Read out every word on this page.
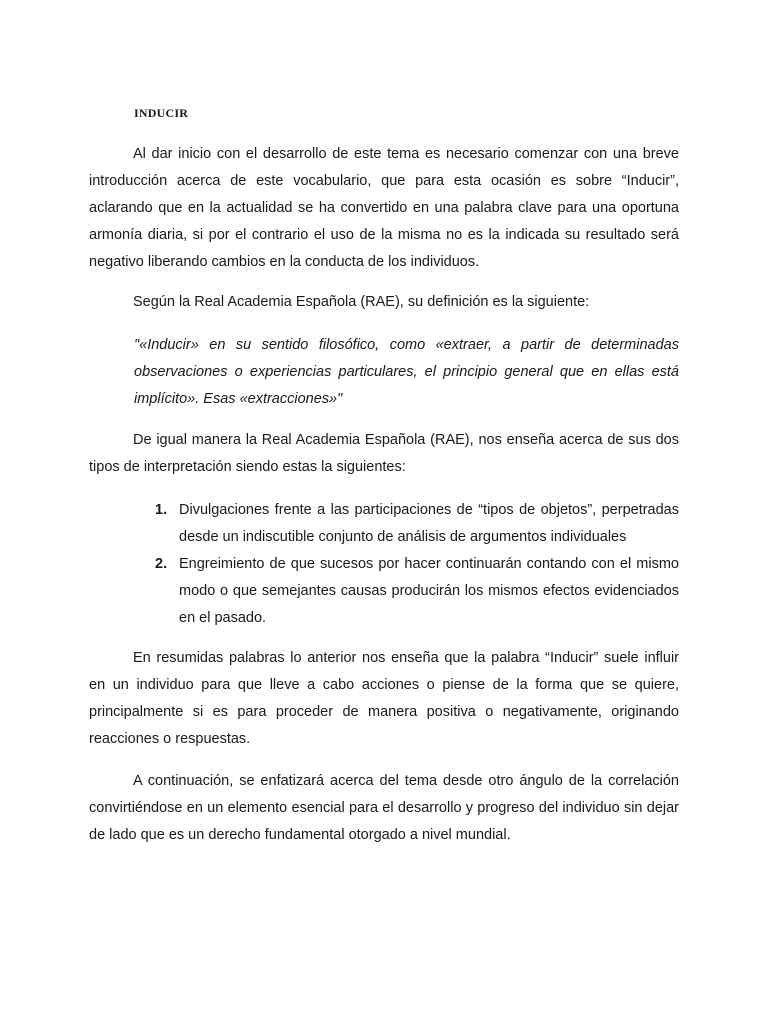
INDUCIR

Al dar inicio con el desarrollo de este tema es necesario comenzar con una breve introducción acerca de este vocabulario, que para esta ocasión es sobre “Inducir”, aclarando que en la actualidad se ha convertido en una palabra clave para una oportuna armonía diaria, si por el contrario el uso de la misma no es la indicada su resultado será negativo liberando cambios en la conducta de los individuos.

Según la Real Academia Española (RAE), su definición es la siguiente:

"«Inducir» en su sentido filosófico, como «extraer, a partir de determinadas observaciones o experiencias particulares, el principio general que en ellas está implícito». Esas «extracciones»"

De igual manera la Real Academia Española (RAE), nos enseña acerca de sus dos tipos de interpretación siendo estas la siguientes:

1. Divulgaciones frente a las participaciones de “tipos de objetos”, perpetradas desde un indiscutible conjunto de análisis de argumentos individuales
2. Engreimiento de que sucesos por hacer continuarán contando con el mismo modo o que semejantes causas producirán los mismos efectos evidenciados en el pasado.

En resumidas palabras lo anterior nos enseña que la palabra “Inducir” suele influir en un individuo para que lleve a cabo acciones o piense de la forma que se quiere, principalmente si es para proceder de manera positiva o negativamente, originando reacciones o respuestas.

A continuación, se enfatizará acerca del tema desde otro ángulo de la correlación convirtiéndose en un elemento esencial para el desarrollo y progreso del individuo sin dejar de lado que es un derecho fundamental otorgado a nivel mundial.
